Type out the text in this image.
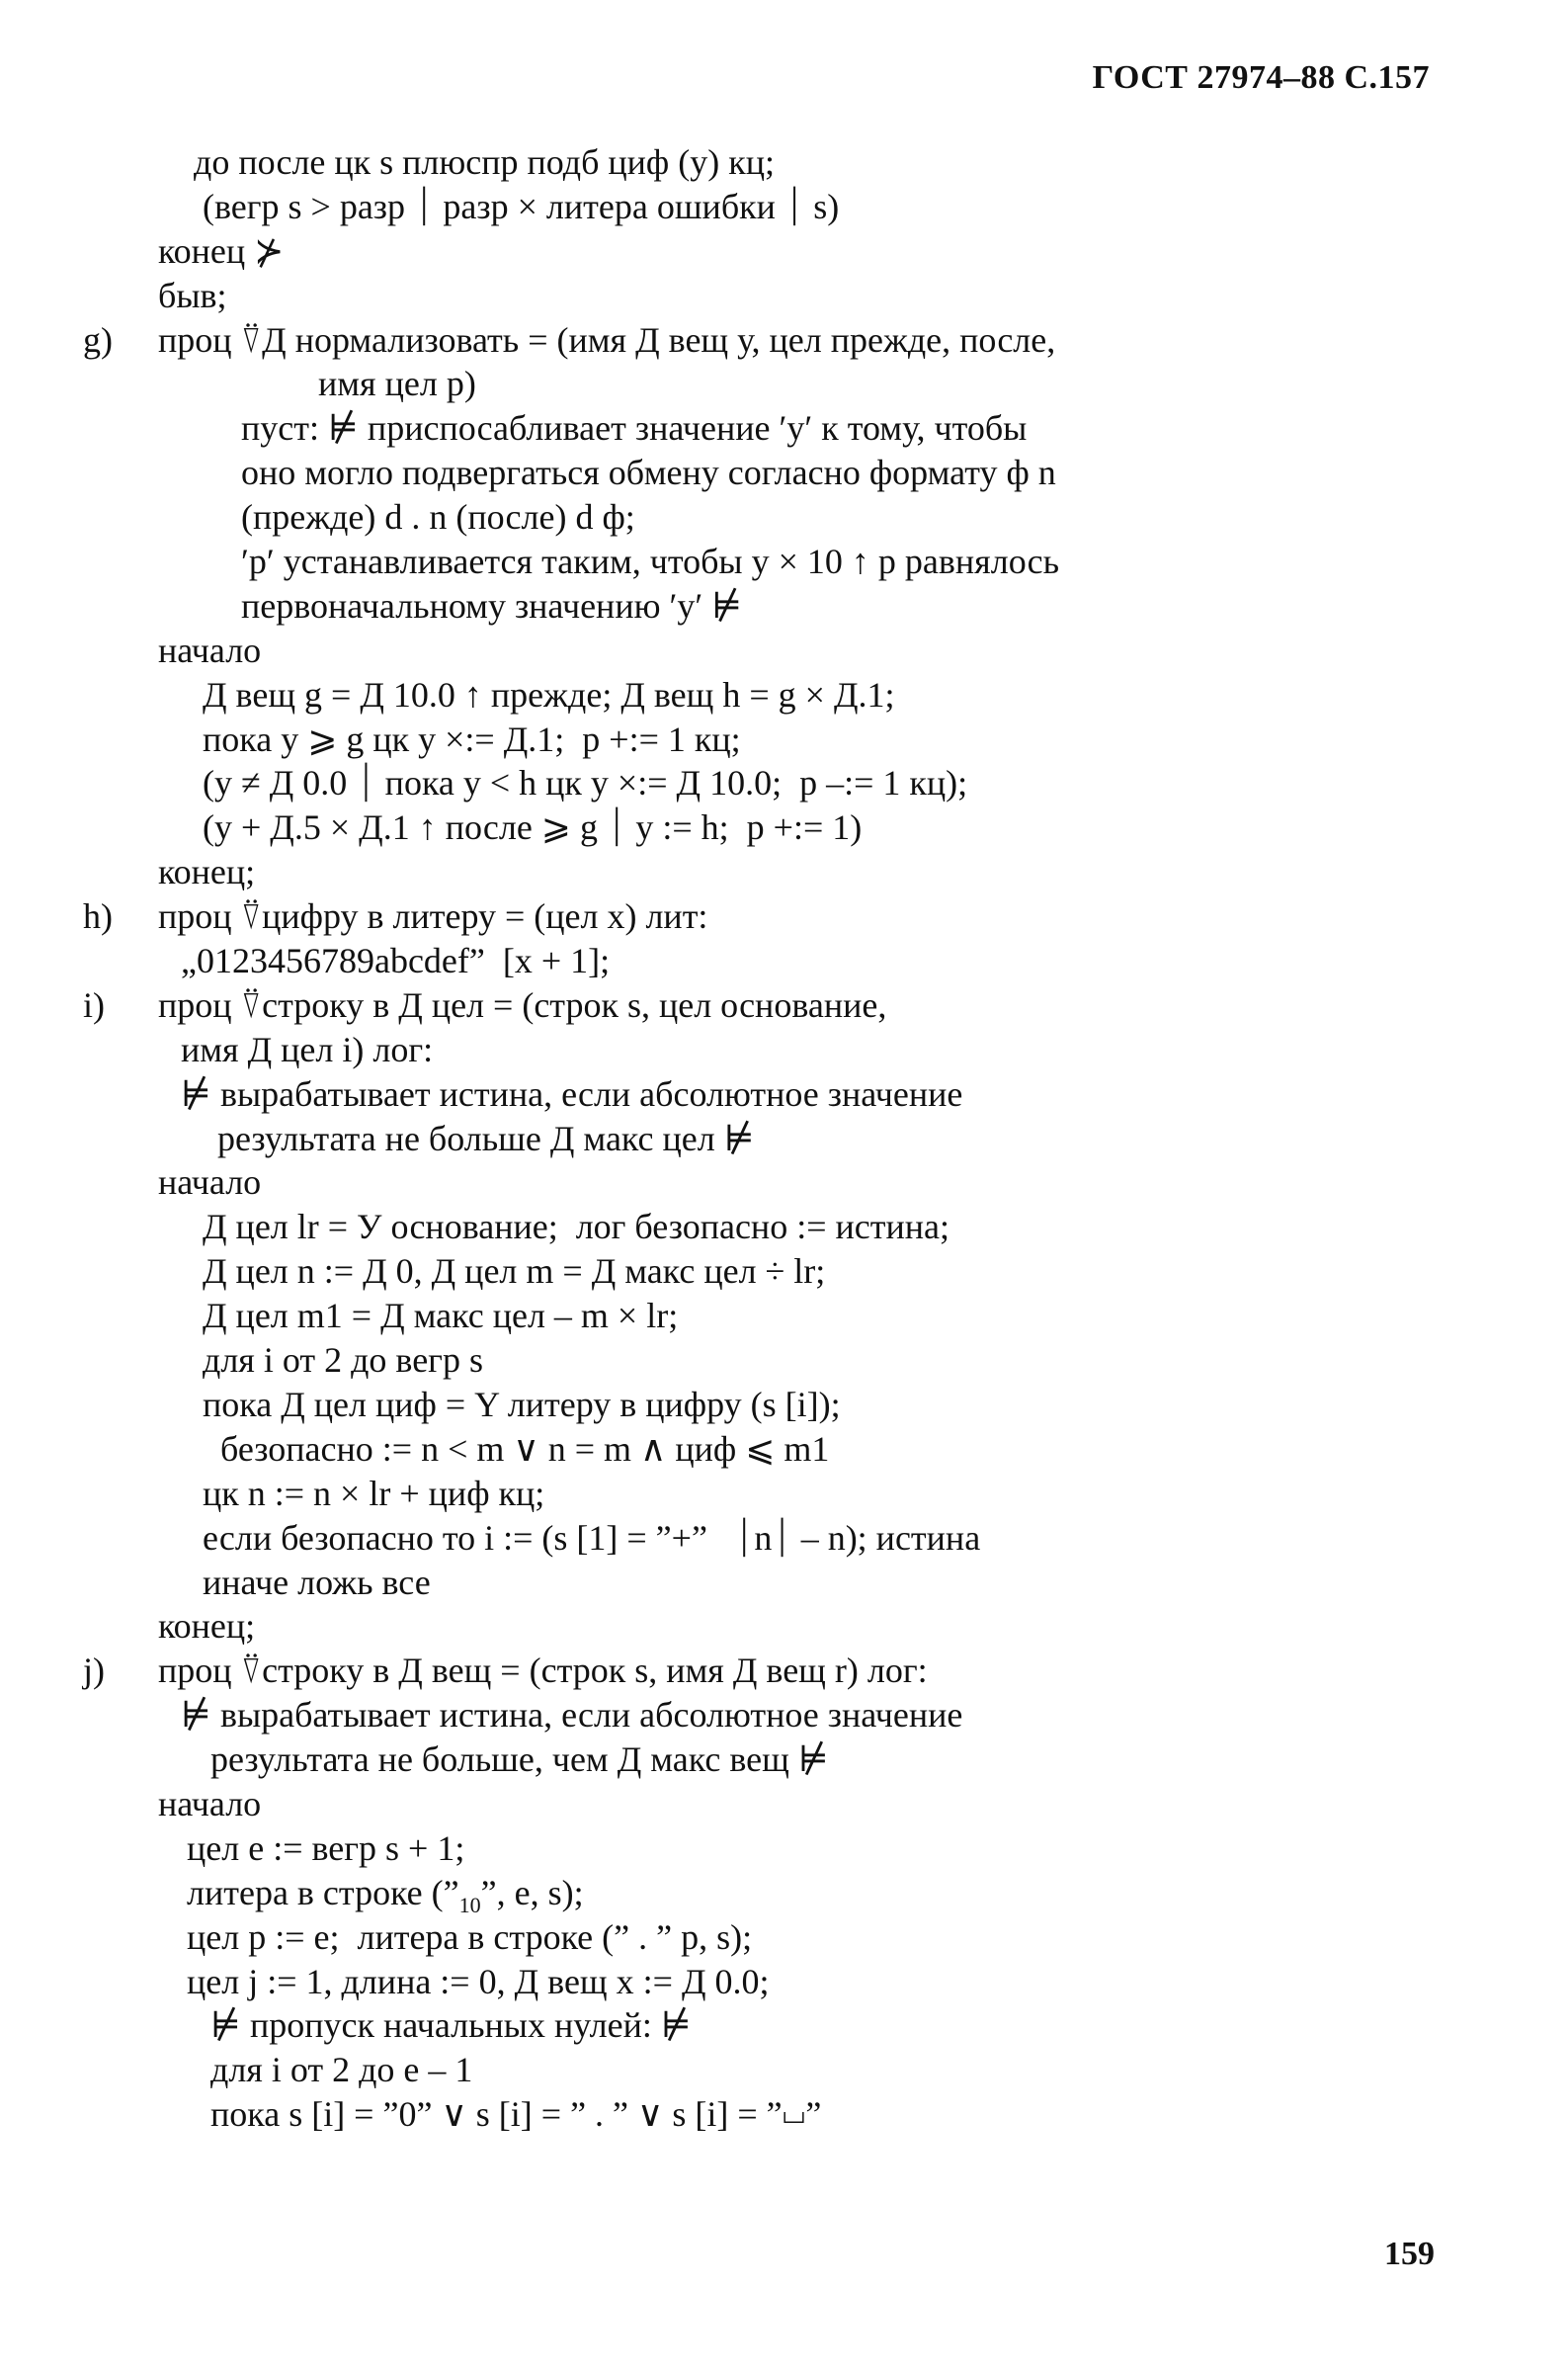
ГОСТ 27974–88 С.157
до после цк s плюспр подб циф (у) кц;
(вегр s > разр ⏐ разр × литера ошибки ⏐ s)
конец ⊁
быв;
g) проц ⍢Д нормализовать = (имя Д вещ у, цел прежде, после,
имя цел р)
пуст: ⊭ приспосабливает значение ′у′ к тому, чтобы
оно могло подвергаться обмену согласно формату ф n
(прежде) d . n (после) d ф;
′р′ устанавливается таким, чтобы у × 10 ↑ р равнялось
первоначальному значению ′у′ ⊭
начало
Д вещ g = Д 10.0 ↑ прежде; Д вещ h = g × Д.1;
пока у ⩾ g цк у ×:= Д.1;  р +:= 1 кц;
(у ≠ Д 0.0 ⏐ пока у < h цк у ×:= Д 10.0;  р –:= 1 кц);
(у + Д.5 × Д.1 ↑ после ⩾ g ⏐ у := h;  р +:= 1)
конец;
h) проц ⍢цифру в литеру = (цел х) лит:
„0123456789abcdef”  [х + 1];
i) проц ⍢строку в Д цел = (строк s, цел основание,
имя Д цел i) лог:
⊭ вырабатывает истина, если абсолютное значение
результата не больше Д макс цел ⊭
начало
Д цел lr = У основание;  лог безопасно := истина;
Д цел n := Д 0, Д цел m = Д макс цел ÷ lr;
Д цел m1 = Д макс цел – m × lr;
для i от 2 до вегр s
пока Д цел циф = Y литеру в цифру (s [i]);
безопасно := n < m ∨ n = m ∧ циф ⩽ m1
цк n := n × lr + циф кц;
если безопасно то i := (s [1] = ”+”   ⏐n⏐ – n); истина
иначе ложь все
конец;
j) проц ⍢строку в Д вещ = (строк s, имя Д вещ r) лог:
⊭ вырабатывает истина, если абсолютное значение
результата не больше, чем Д макс вещ ⊭
начало
цел е := вегр s + 1;
литера в строке ($”_{10}$”, е, s);
цел р := е;  литера в строке (” . ” р, s);
цел j := 1, длина := 0, Д вещ х := Д 0.0;
⊭ пропуск начальных нулей: ⊭
для i от 2 до е – 1
пока s [i] = ”0” ∨ s [i] = ” . ” ∨ s [i] = ”⏘”
159
